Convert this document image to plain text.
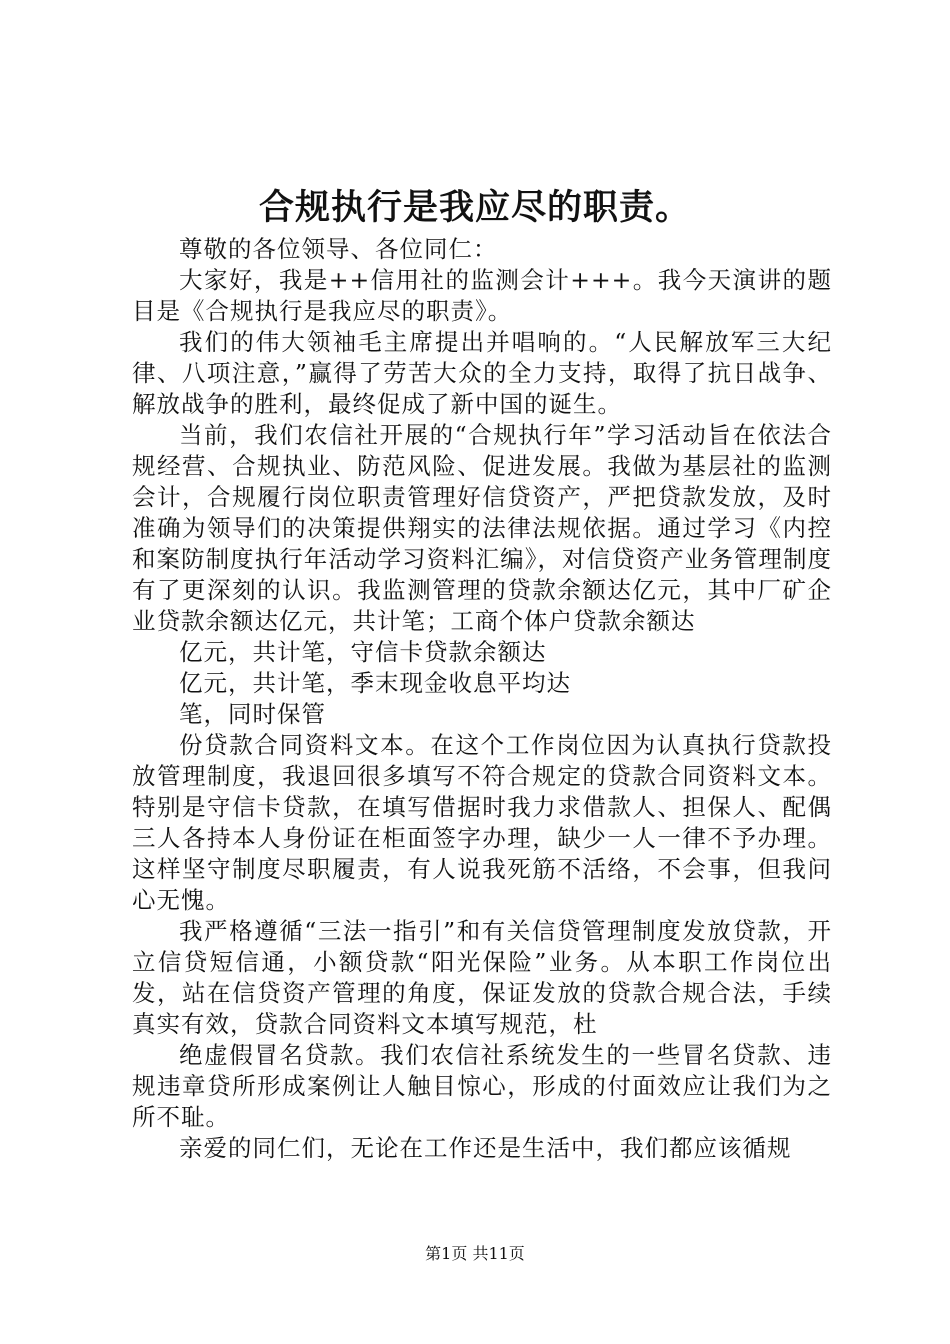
合规执行是我应尽的职责。

尊敬的各位领导、各位同仁：

大家好，我是++信用社的监测会计+++。我今天演讲的题目是《合规执行是我应尽的职责》。

我们的伟大领袖毛主席提出并唱响的。“人民解放军三大纪律、八项注意，”赢得了劳苦大众的全力支持，取得了抗日战争、解放战争的胜利，最终促成了新中国的诞生。

当前，我们农信社开展的“合规执行年”学习活动旨在依法合规经营、合规执业、防范风险、促进发展。我做为基层社的监测会计，合规履行岗位职责管理好信贷资产，严把贷款发放，及时准确为领导们的决策提供翔实的法律法规依据。通过学习《内控和案防制度执行年活动学习资料汇编》，对信贷资产业务管理制度有了更深刻的认识。我监测管理的贷款余额达亿元，其中厂矿企业贷款余额达亿元，共计笔；工商个体户贷款余额达

亿元，共计笔，守信卡贷款余额达

亿元，共计笔，季末现金收息平均达

笔，同时保管

份贷款合同资料文本。在这个工作岗位因为认真执行贷款投放管理制度，我退回很多填写不符合规定的贷款合同资料文本。特别是守信卡贷款，在填写借据时我力求借款人、担保人、配偶三人各持本人身份证在柜面签字办理，缺少一人一律不予办理。这样坚守制度尽职履责，有人说我死筋不活络，不会事，但我问心无愧。

我严格遵循“三法一指引”和有关信贷管理制度发放贷款，开立信贷短信通，小额贷款“阳光保险”业务。从本职工作岗位出发，站在信贷资产管理的角度，保证发放的贷款合规合法，手续真实有效，贷款合同资料文本填写规范，杜

绝虚假冒名贷款。我们农信社系统发生的一些冒名贷款、违规违章贷所形成案例让人触目惊心，形成的付面效应让我们为之所不耻。

亲爱的同仁们，无论在工作还是生活中，我们都应该循规

第1页 共11页
